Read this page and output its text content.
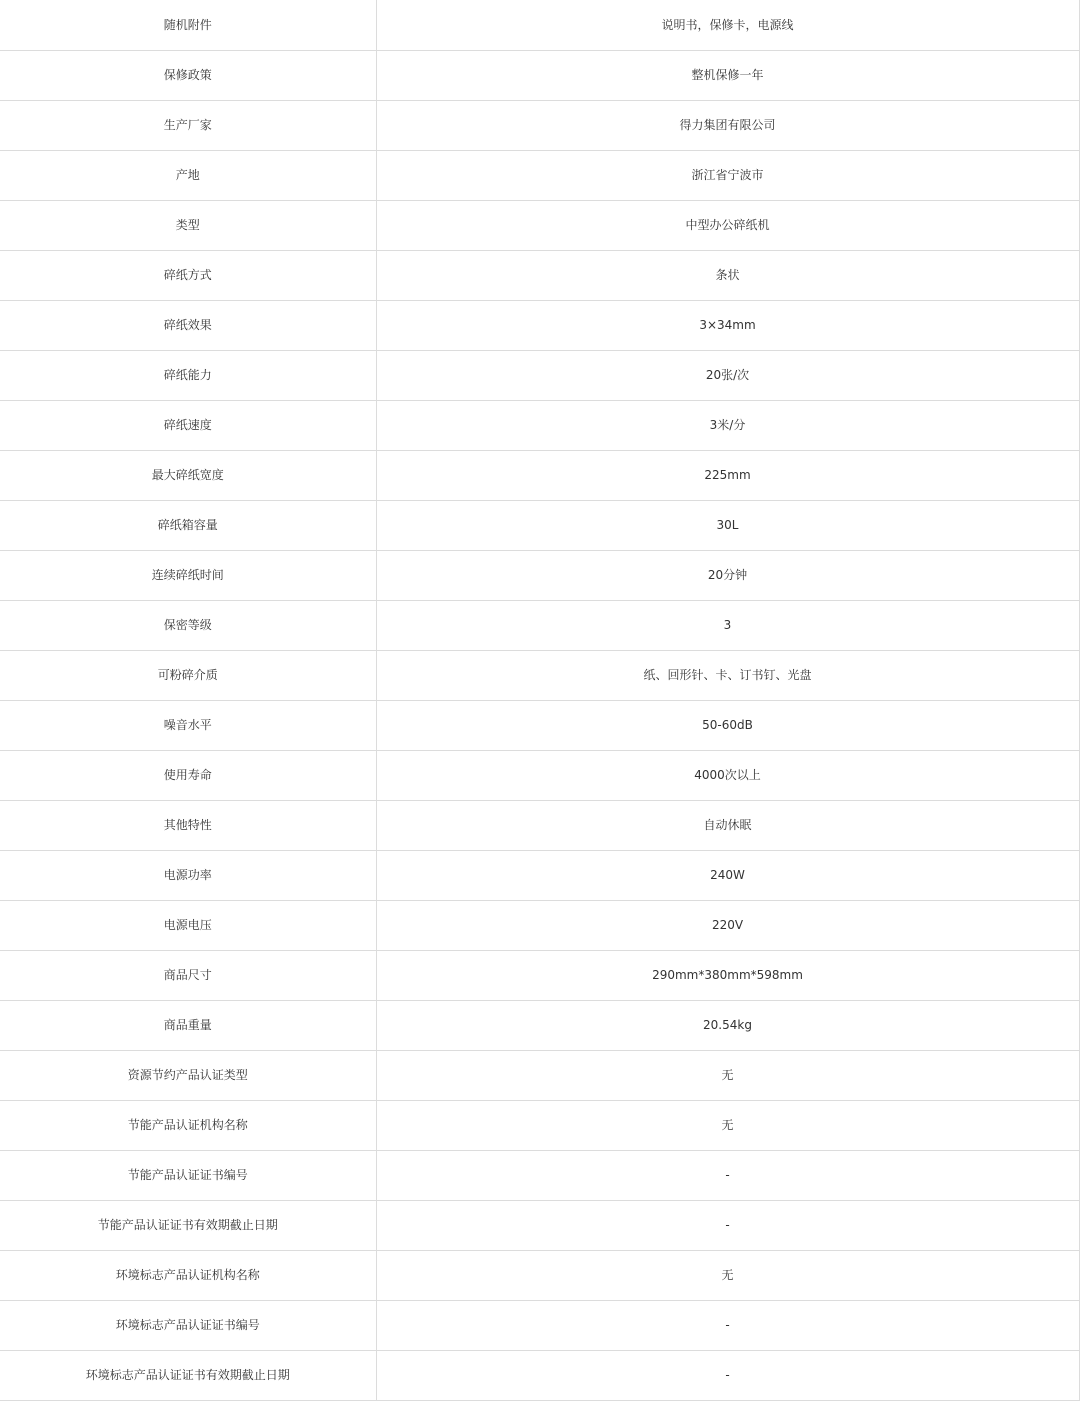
随机附件	说明书，保修卡，电源线
保修政策	整机保修一年
生产厂家	得力集团有限公司
产地	浙江省宁波市
类型	中型办公碎纸机
碎纸方式	条状
碎纸效果	3×34mm
碎纸能力	20张/次
碎纸速度	3米/分
最大碎纸宽度	225mm
碎纸箱容量	30L
连续碎纸时间	20分钟
保密等级	3
可粉碎介质	纸、回形针、卡、订书钉、光盘
噪音水平	50-60dB
使用寿命	4000次以上
其他特性	自动休眠
电源功率	240W
电源电压	220V
商品尺寸	290mm*380mm*598mm
商品重量	20.54kg
资源节约产品认证类型	无
节能产品认证机构名称	无
节能产品认证证书编号	-
节能产品认证证书有效期截止日期	-
环境标志产品认证机构名称	无
环境标志产品认证证书编号	-
环境标志产品认证证书有效期截止日期	-
